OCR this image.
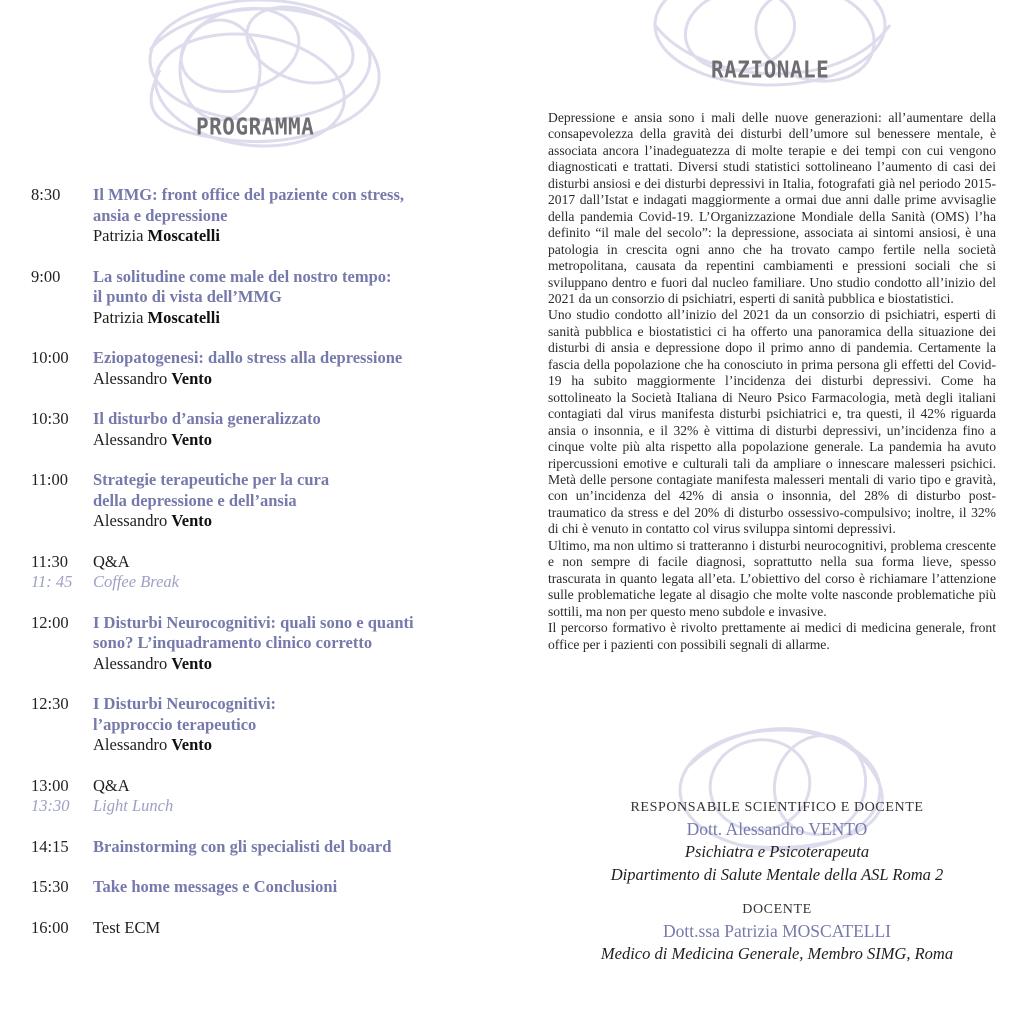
PROGRAMMA
8:30	Il MMG: front office del paziente con stress,
ansia e depressione
Patrizia Moscatelli
9:00	La solitudine come male del nostro tempo:
il punto di vista dell’MMG
Patrizia Moscatelli
10:00	Eziopatogenesi: dallo stress alla depressione
Alessandro Vento
10:30	Il disturbo d’ansia generalizzato
Alessandro Vento
11:00	Strategie terapeutiche per la cura
della depressione e dell’ansia
Alessandro Vento
11:30	Q&A
11: 45	Coffee Break
12:00	I Disturbi Neurocognitivi: quali sono e quanti
sono? L’inquadramento clinico corretto
Alessandro Vento
12:30	I Disturbi Neurocognitivi:
l’approccio terapeutico
Alessandro Vento
13:00	Q&A
13:30	Light Lunch
14:15	Brainstorming con gli specialisti del board
15:30	Take home messages e Conclusioni
16:00	Test ECM
RAZIONALE

Depressione e ansia sono i mali delle nuove generazioni: all’aumentare della consapevolezza della gravità dei disturbi dell’umore sul benessere mentale, è associata ancora l’inadeguatezza di molte terapie e dei tempi con cui vengono diagnosticati e trattati. Diversi studi statistici sottolineano l’aumento di casi dei disturbi ansiosi e dei disturbi depressivi in Italia, fotografati già nel periodo 2015-2017 dall’Istat e indagati maggiormente a ormai due anni dalle prime avvisaglie della pandemia Covid-19. L’Organizzazione Mondiale della Sanità (OMS) l’ha definito “il male del secolo”: la depressione, associata ai sintomi ansiosi, è una patologia in crescita ogni anno che ha trovato campo fertile nella società metropolitana, causata da repentini cambiamenti e pressioni sociali che si sviluppano dentro e fuori dal nucleo familiare. Uno studio condotto all’inizio del 2021 da un consorzio di psichiatri, esperti di sanità pubblica e biostatistici.

Uno studio condotto all’inizio del 2021 da un consorzio di psichiatri, esperti di sanità pubblica e biostatistici ci ha offerto una panoramica della situazione dei disturbi di ansia e depressione dopo il primo anno di pandemia. Certamente la fascia della popolazione che ha conosciuto in prima persona gli effetti del Covid-19 ha subito maggiormente l’incidenza dei disturbi depressivi. Come ha sottolineato la Società Italiana di Neuro Psico Farmacologia, metà degli italiani contagiati dal virus manifesta disturbi psichiatrici e, tra questi, il 42% riguarda ansia o insonnia, e il 32% è vittima di disturbi depressivi, un’incidenza fino a cinque volte più alta rispetto alla popolazione generale. La pandemia ha avuto ripercussioni emotive e culturali tali da ampliare o innescare malesseri psichici. Metà delle persone contagiate manifesta malesseri mentali di vario tipo e gravità, con un’incidenza del 42% di ansia o insonnia, del 28% di disturbo post-traumatico da stress e del 20% di disturbo ossessivo-compulsivo; inoltre, il 32% di chi è venuto in contatto col virus sviluppa sintomi depressivi.

Ultimo, ma non ultimo si tratteranno i disturbi neurocognitivi, problema crescente e non sempre di facile diagnosi, soprattutto nella sua forma lieve, spesso trascurata in quanto legata all’eta. L’obiettivo del corso è richiamare l’attenzione sulle problematiche legate al disagio che molte volte nasconde problematiche più sottili, ma non per questo meno subdole e invasive.

Il percorso formativo è rivolto prettamente ai medici di medicina generale, front office per i pazienti con possibili segnali di allarme.

RESPONSABILE SCIENTIFICO E DOCENTE
Dott. Alessandro VENTO
Psichiatra e Psicoterapeuta
Dipartimento di Salute Mentale della ASL Roma 2
DOCENTE
Dott.ssa Patrizia MOSCATELLI
Medico di Medicina Generale, Membro SIMG, Roma
